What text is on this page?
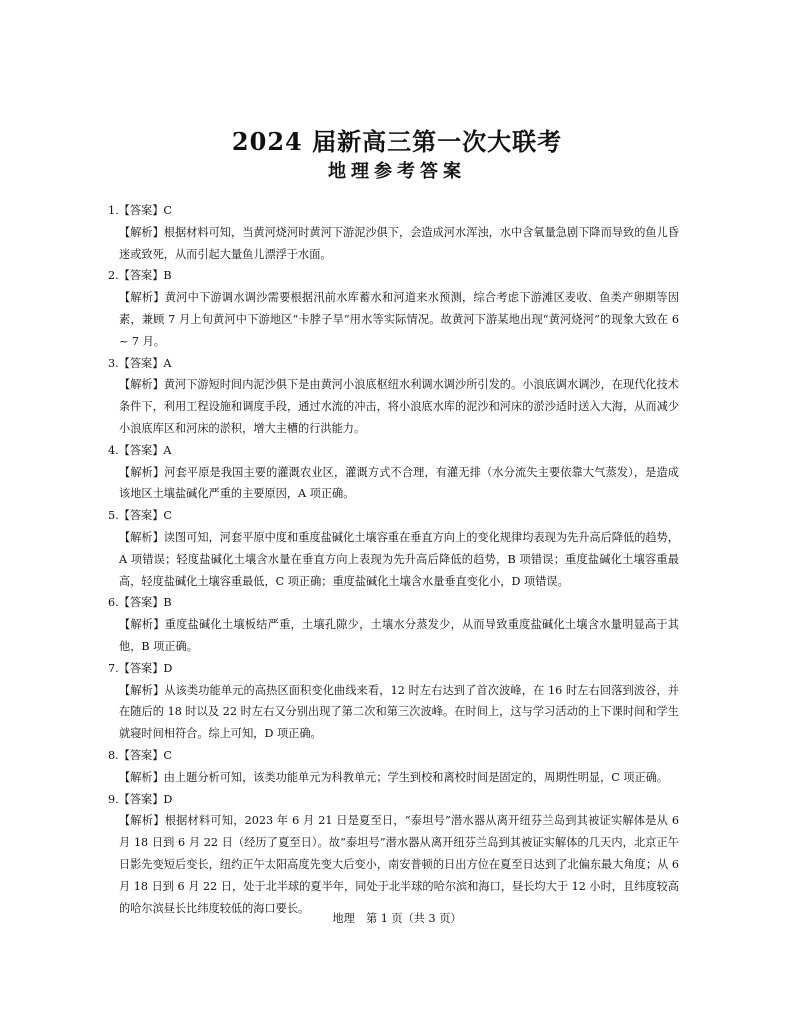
2024 届新高三第一次大联考
地理参考答案
1.【答案】C
【解析】根据材料可知，当黄河烧河时黄河下游泥沙俱下，会造成河水浑浊，水中含氧量急剧下降而导致的鱼儿昏迷或致死，从而引起大量鱼儿漂浮于水面。
2.【答案】B
【解析】黄河中下游调水调沙需要根据汛前水库蓄水和河道来水预测，综合考虑下游滩区麦收、鱼类产卵期等因素，兼顾 7 月上旬黄河中下游地区“卡脖子旱”用水等实际情况。故黄河下游某地出现“黄河烧河”的现象大致在 6 ~ 7 月。
3.【答案】A
【解析】黄河下游短时间内泥沙俱下是由黄河小浪底枢纽水利调水调沙所引发的。小浪底调水调沙，在现代化技术条件下，利用工程设施和调度手段，通过水流的冲击，将小浪底水库的泥沙和河床的淤沙适时送入大海，从而减少小浪底库区和河床的淤积，增大主槽的行洪能力。
4.【答案】A
【解析】河套平原是我国主要的灌溉农业区，灌溉方式不合理，有灌无排（水分流失主要依靠大气蒸发），是造成该地区土壤盐碱化严重的主要原因，A 项正确。
5.【答案】C
【解析】读图可知，河套平原中度和重度盐碱化土壤容重在垂直方向上的变化规律均表现为先升高后降低的趋势，A 项错误；轻度盐碱化土壤含水量在垂直方向上表现为先升高后降低的趋势，B 项错误；重度盐碱化土壤容重最高，轻度盐碱化土壤容重最低，C 项正确；重度盐碱化土壤含水量垂直变化小，D 项错误。
6.【答案】B
【解析】重度盐碱化土壤板结严重，土壤孔隙少，土壤水分蒸发少，从而导致重度盐碱化土壤含水量明显高于其他，B 项正确。
7.【答案】D
【解析】从该类功能单元的高热区面积变化曲线来看，12 时左右达到了首次波峰，在 16 时左右回落到波谷，并在随后的 18 时以及 22 时左右又分别出现了第二次和第三次波峰。在时间上，这与学习活动的上下课时间和学生就寝时间相符合。综上可知，D 项正确。
8.【答案】C
【解析】由上题分析可知，该类功能单元为科教单元；学生到校和离校时间是固定的，周期性明显，C 项正确。
9.【答案】D
【解析】根据材料可知，2023 年 6 月 21 日是夏至日，“泰坦号”潜水器从离开纽芬兰岛到其被证实解体是从 6 月 18 日到 6 月 22 日（经历了夏至日）。故“泰坦号”潜水器从离开纽芬兰岛到其被证实解体的几天内，北京正午日影先变短后变长，纽约正午太阳高度先变大后变小，南安普顿的日出方位在夏至日达到了北偏东最大角度；从 6 月 18 日到 6 月 22 日，处于北半球的夏半年，同处于北半球的哈尔滨和海口，昼长均大于 12 小时，且纬度较高的哈尔滨昼长比纬度较低的海口要长。
地理　第 1 页（共 3 页）
